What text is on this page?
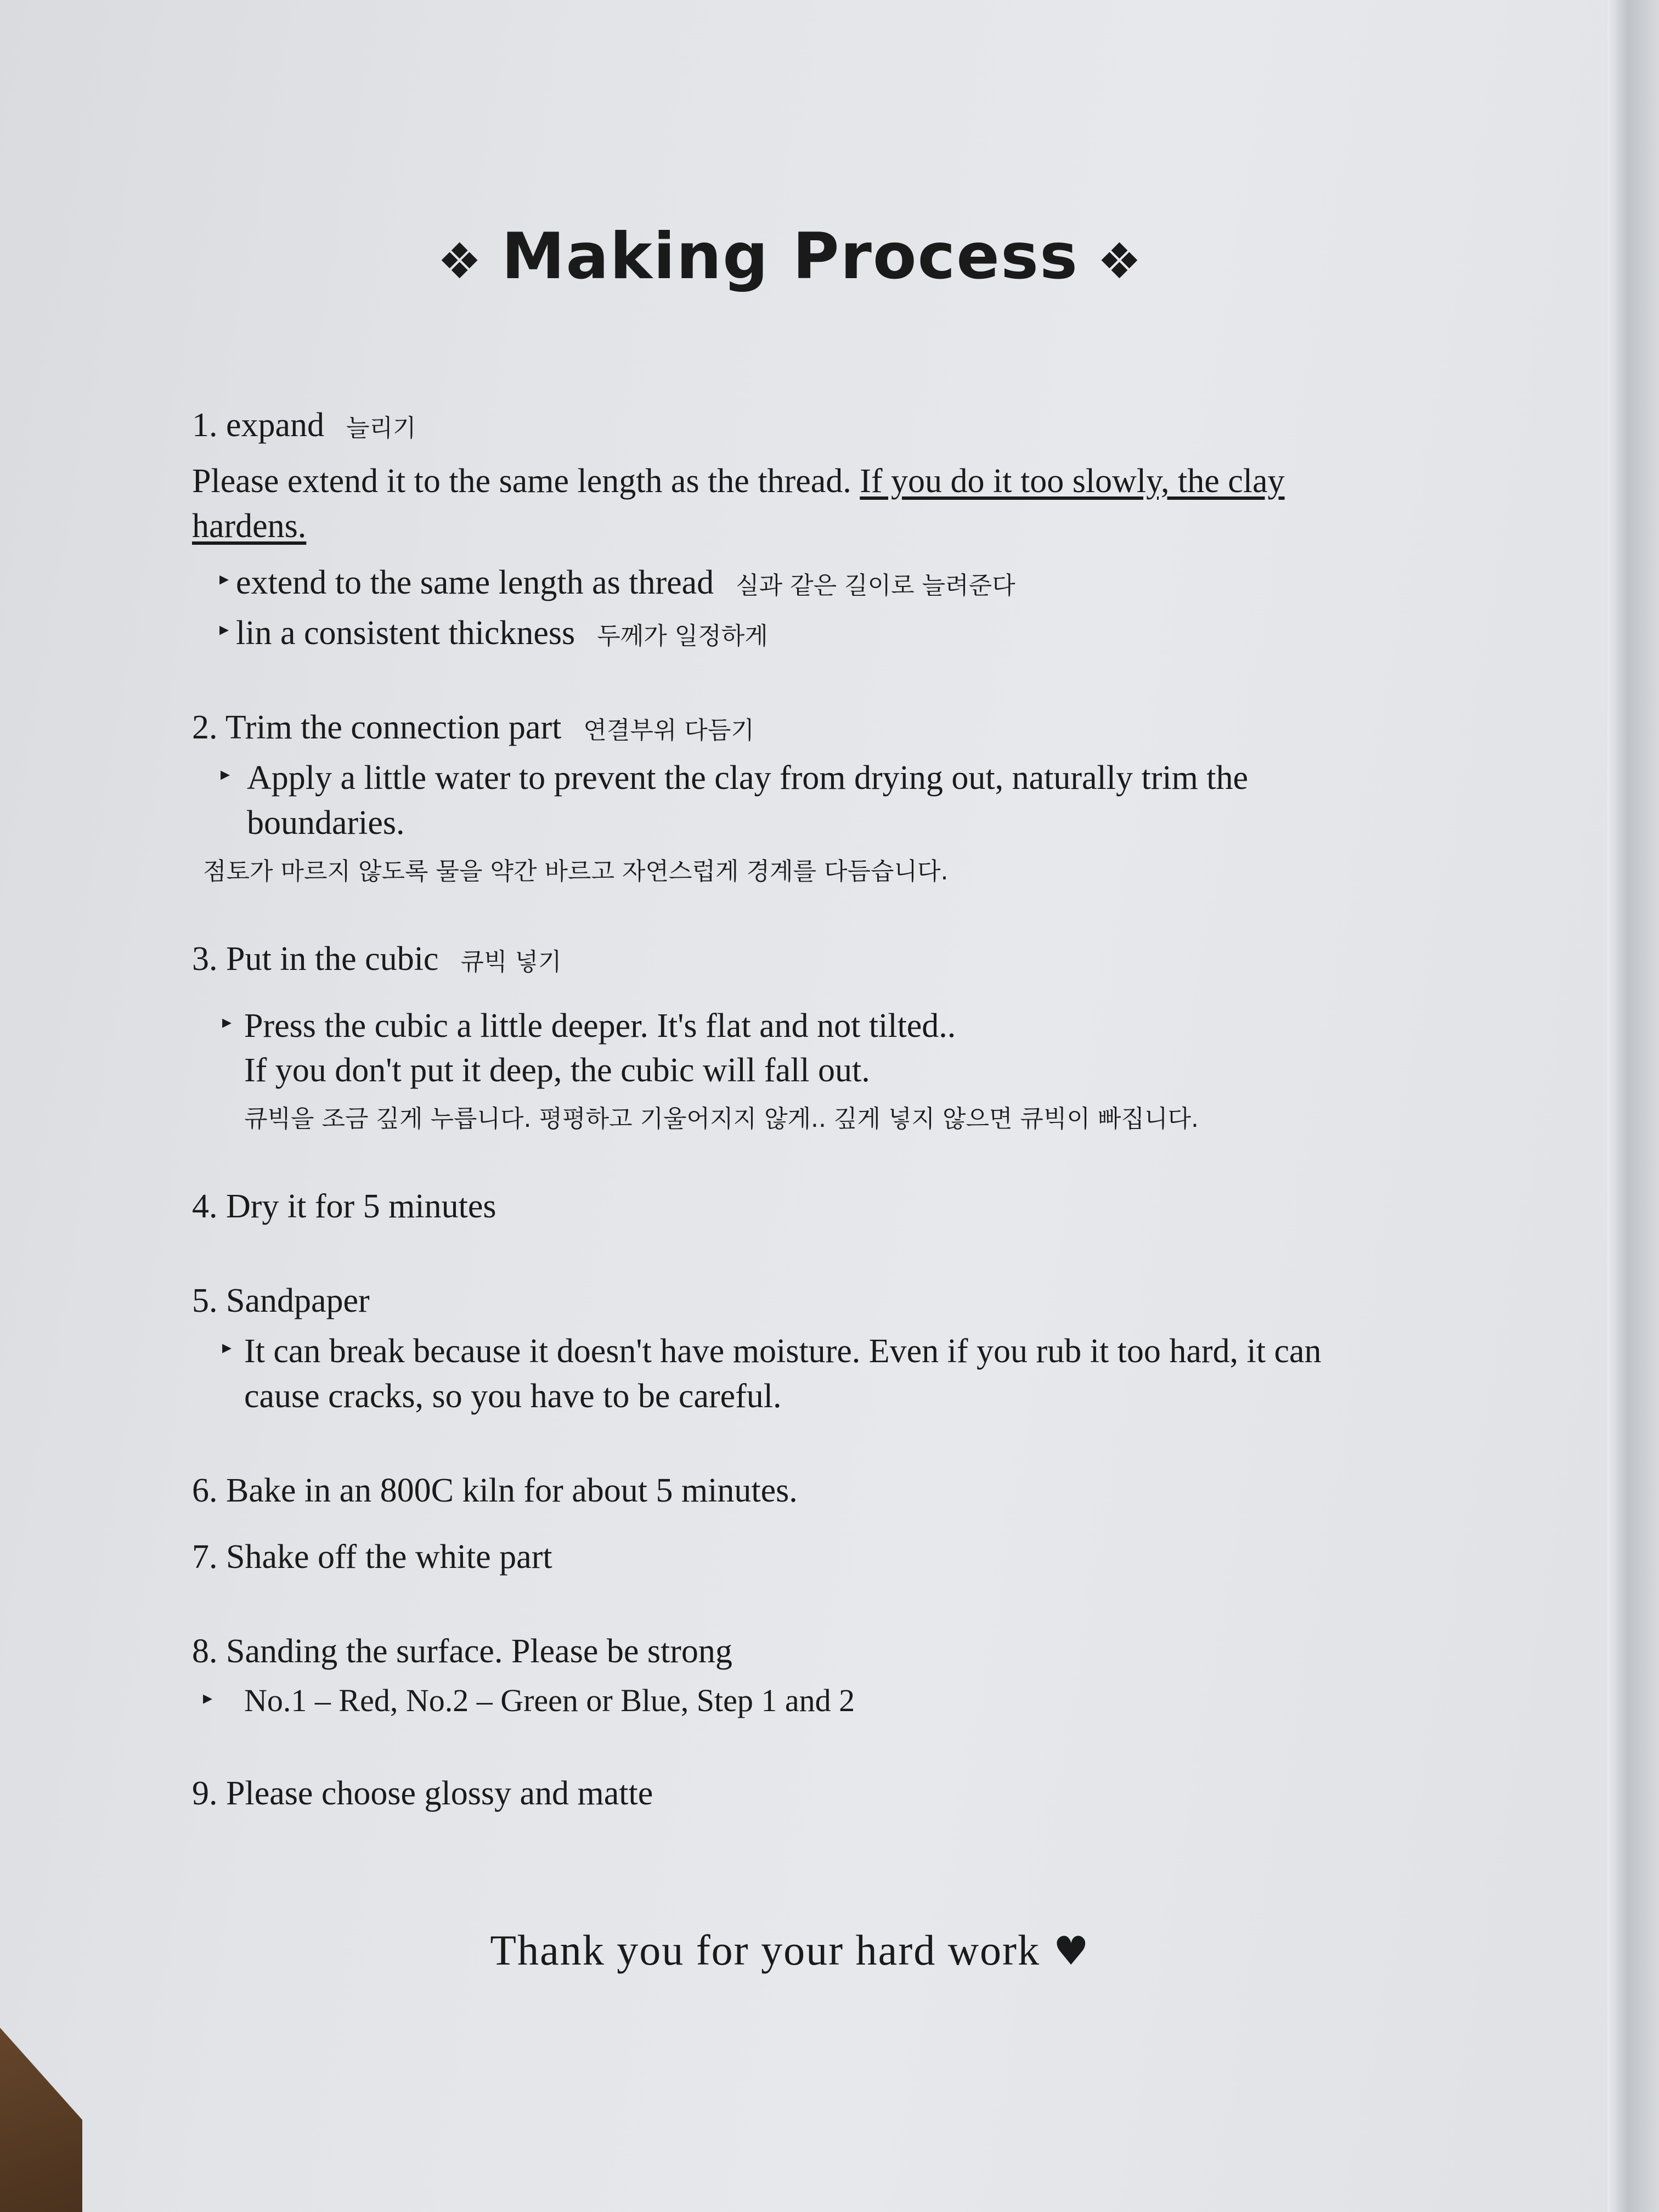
❖ Making Process ❖
1. expand 늘리기
Please extend it to the same length as the thread. If you do it too slowly, the clay hardens.
▸ extend to the same length as thread 실과 같은 길이로 늘려준다
▸ lin a consistent thickness 두께가 일정하게
2. Trim the connection part 연결부위 다듬기
▸ Apply a little water to prevent the clay from drying out, naturally trim the boundaries.
점토가 마르지 않도록 물을 약간 바르고 자연스럽게 경계를 다듬습니다.
3. Put in the cubic 큐빅 넣기
▸ Press the cubic a little deeper. It's flat and not tilted..
If you don't put it deep, the cubic will fall out.
큐빅을 조금 깊게 누릅니다. 평평하고 기울어지지 않게.. 깊게 넣지 않으면 큐빅이 빠집니다.
4. Dry it for 5 minutes
5. Sandpaper
▸ It can break because it doesn't have moisture. Even if you rub it too hard, it can cause cracks, so you have to be careful.
6. Bake in an 800C kiln for about 5 minutes.
7. Shake off the white part
8. Sanding the surface. Please be strong
▸ No.1 – Red, No.2 – Green or Blue, Step 1 and 2
9. Please choose glossy and matte
Thank you for your hard work ♥
